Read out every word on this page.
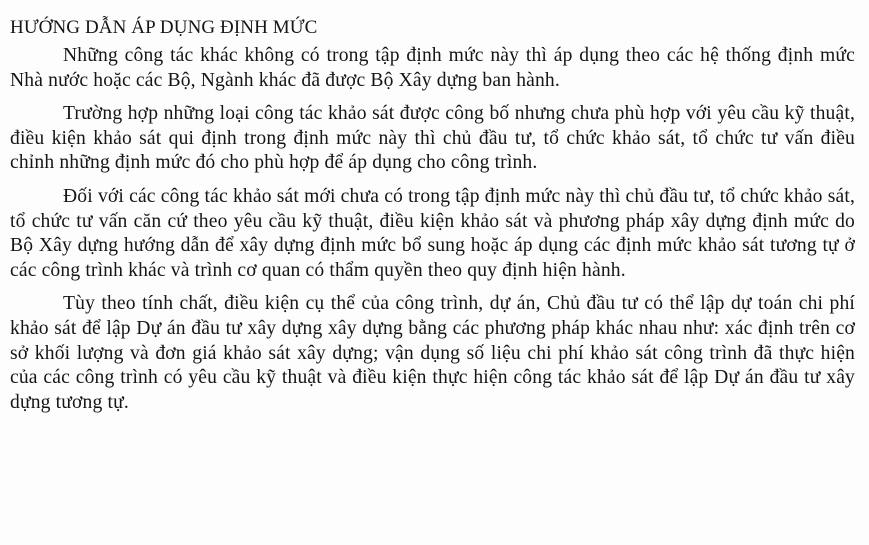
HƯỚNG DẪN ÁP DỤNG ĐỊNH MỨC

Những công tác khác không có trong tập định mức này thì áp dụng theo các hệ thống định mức Nhà nước hoặc các Bộ, Ngành khác đã được Bộ Xây dựng ban hành.

Trường hợp những loại công tác khảo sát được công bố nhưng chưa phù hợp với yêu cầu kỹ thuật, điều kiện khảo sát qui định trong định mức này thì chủ đầu tư, tổ chức khảo sát, tổ chức tư vấn điều chỉnh những định mức đó cho phù hợp để áp dụng cho công trình.

Đối với các công tác khảo sát mới chưa có trong tập định mức này thì chủ đầu tư, tổ chức khảo sát, tổ chức tư vấn căn cứ theo yêu cầu kỹ thuật, điều kiện khảo sát và phương pháp xây dựng định mức do Bộ Xây dựng hướng dẫn để xây dựng định mức bổ sung hoặc áp dụng các định mức khảo sát tương tự ở các công trình khác và trình cơ quan có thẩm quyền theo quy định hiện hành.

Tùy theo tính chất, điều kiện cụ thể của công trình, dự án, Chủ đầu tư có thể lập dự toán chi phí khảo sát để lập Dự án đầu tư xây dựng xây dựng bằng các phương pháp khác nhau như: xác định trên cơ sở khối lượng và đơn giá khảo sát xây dựng; vận dụng số liệu chi phí khảo sát công trình đã thực hiện của các công trình có yêu cầu kỹ thuật và điều kiện thực hiện công tác khảo sát để lập Dự án đầu tư xây dựng tương tự.
